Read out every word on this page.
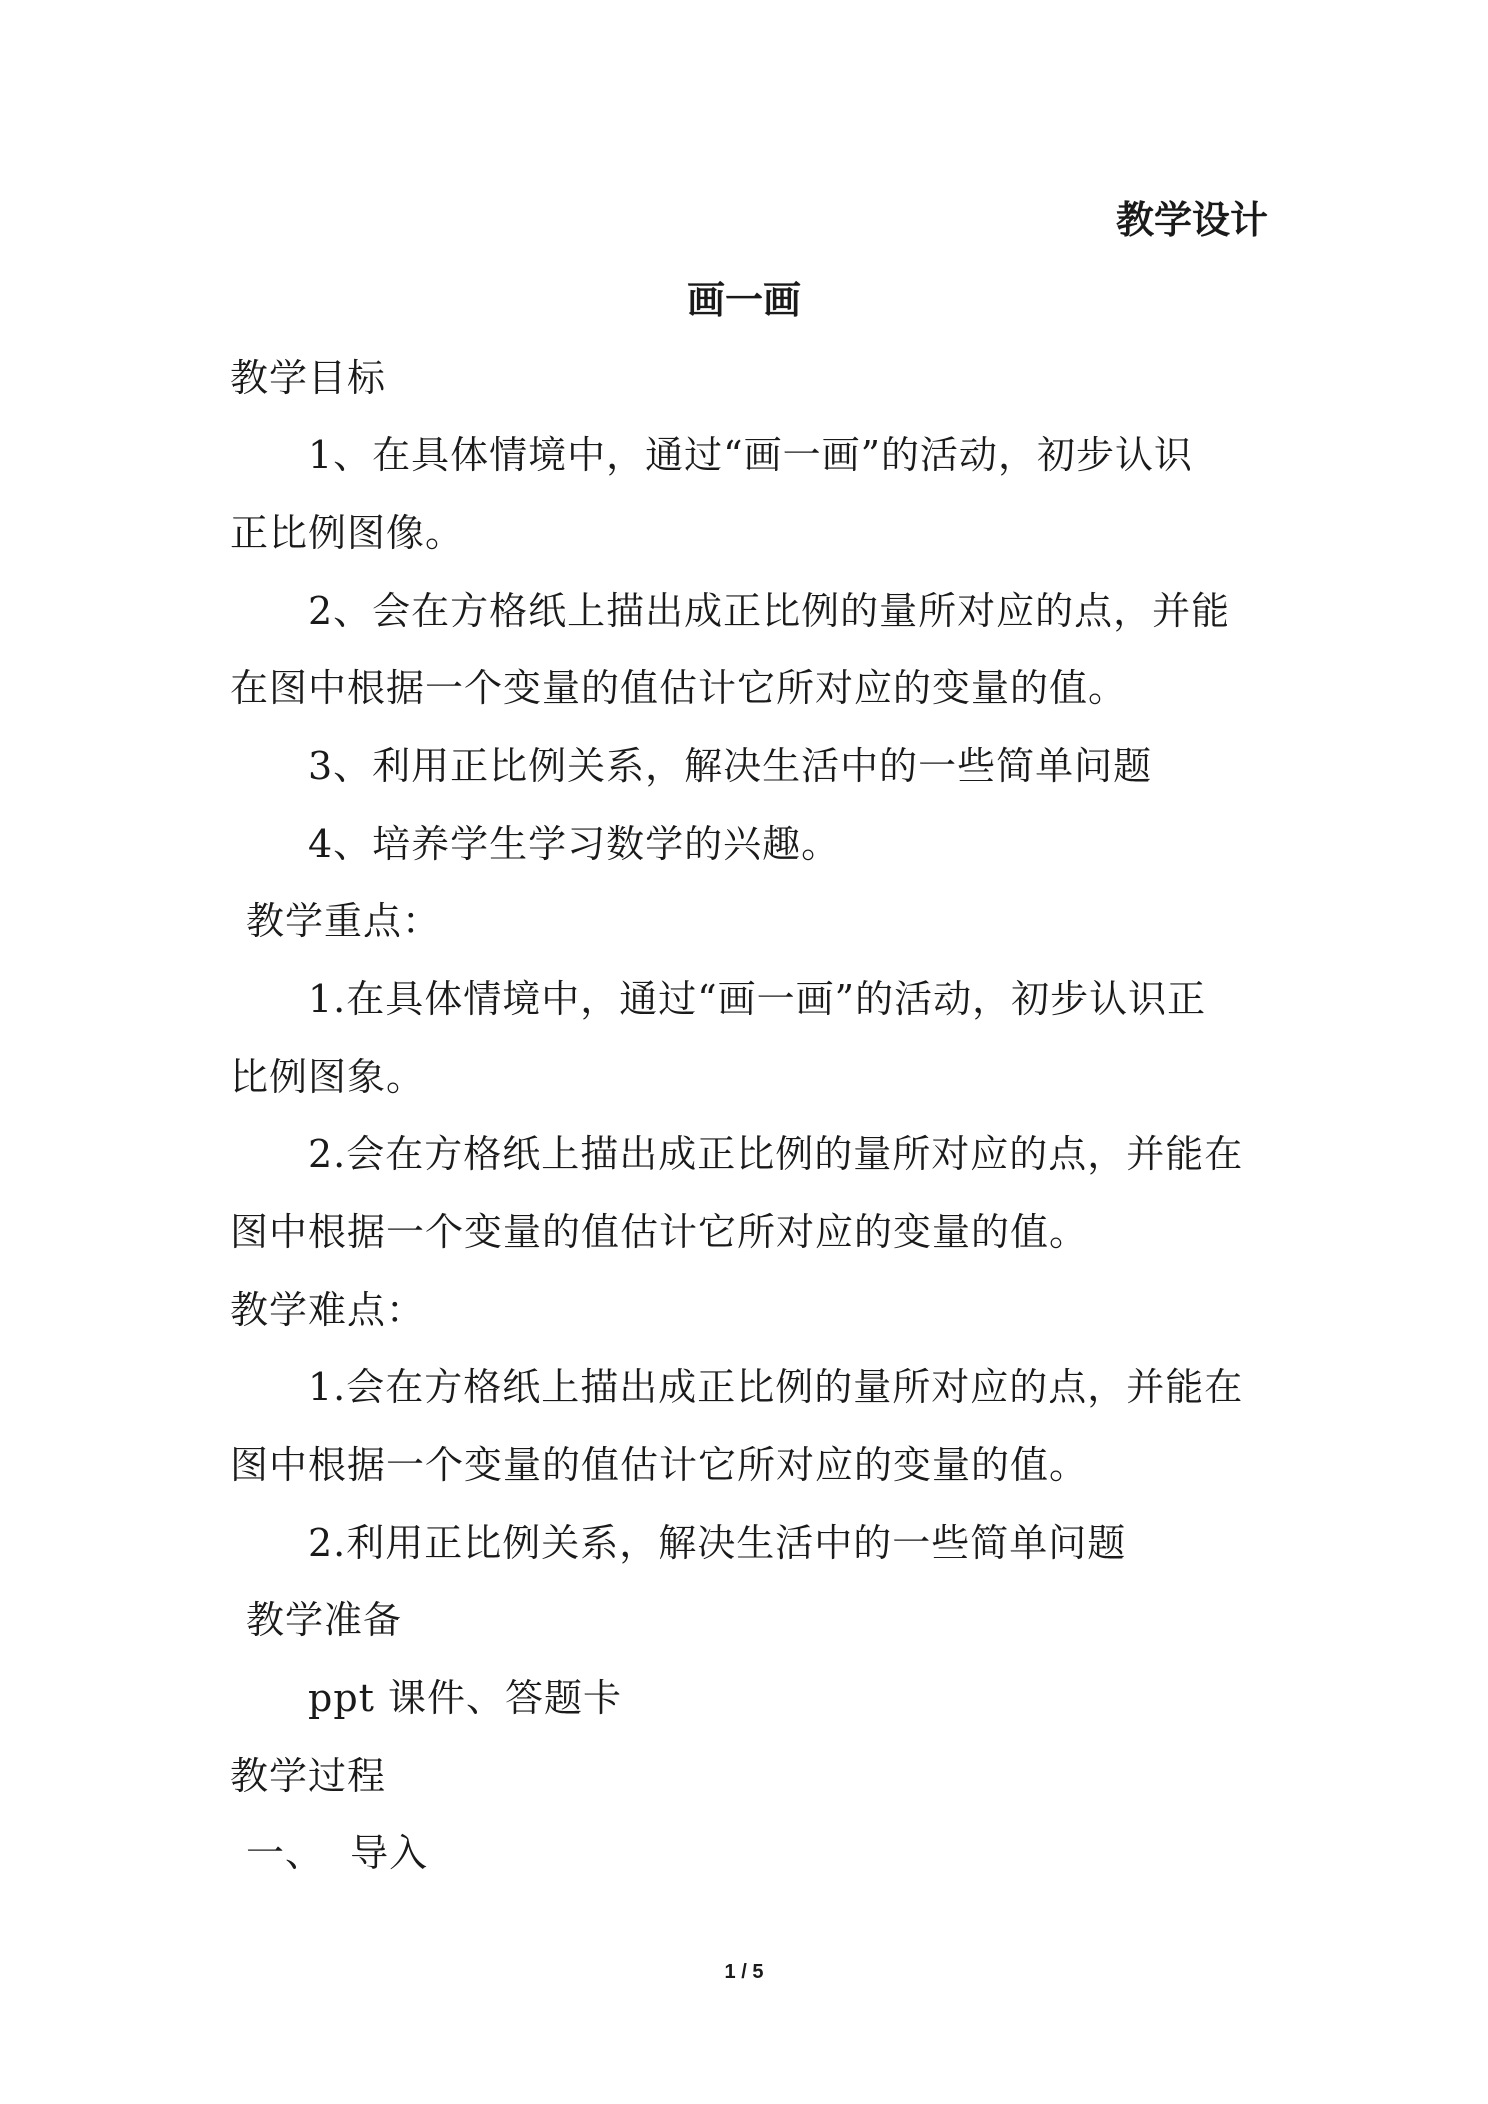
教学设计
画一画
教学目标
1、在具体情境中，通过“画一画”的活动，初步认识
正比例图像。
2、会在方格纸上描出成正比例的量所对应的点，并能
在图中根据一个变量的值估计它所对应的变量的值。
3、利用正比例关系，解决生活中的一些简单问题
4、培养学生学习数学的兴趣。
教学重点：
1.在具体情境中，通过“画一画”的活动，初步认识正
比例图象。
2.会在方格纸上描出成正比例的量所对应的点，并能在
图中根据一个变量的值估计它所对应的变量的值。
教学难点：
1.会在方格纸上描出成正比例的量所对应的点，并能在
图中根据一个变量的值估计它所对应的变量的值。
2.利用正比例关系，解决生活中的一些简单问题
教学准备
ppt 课件、答题卡
教学过程
一、  导入
1 / 5
